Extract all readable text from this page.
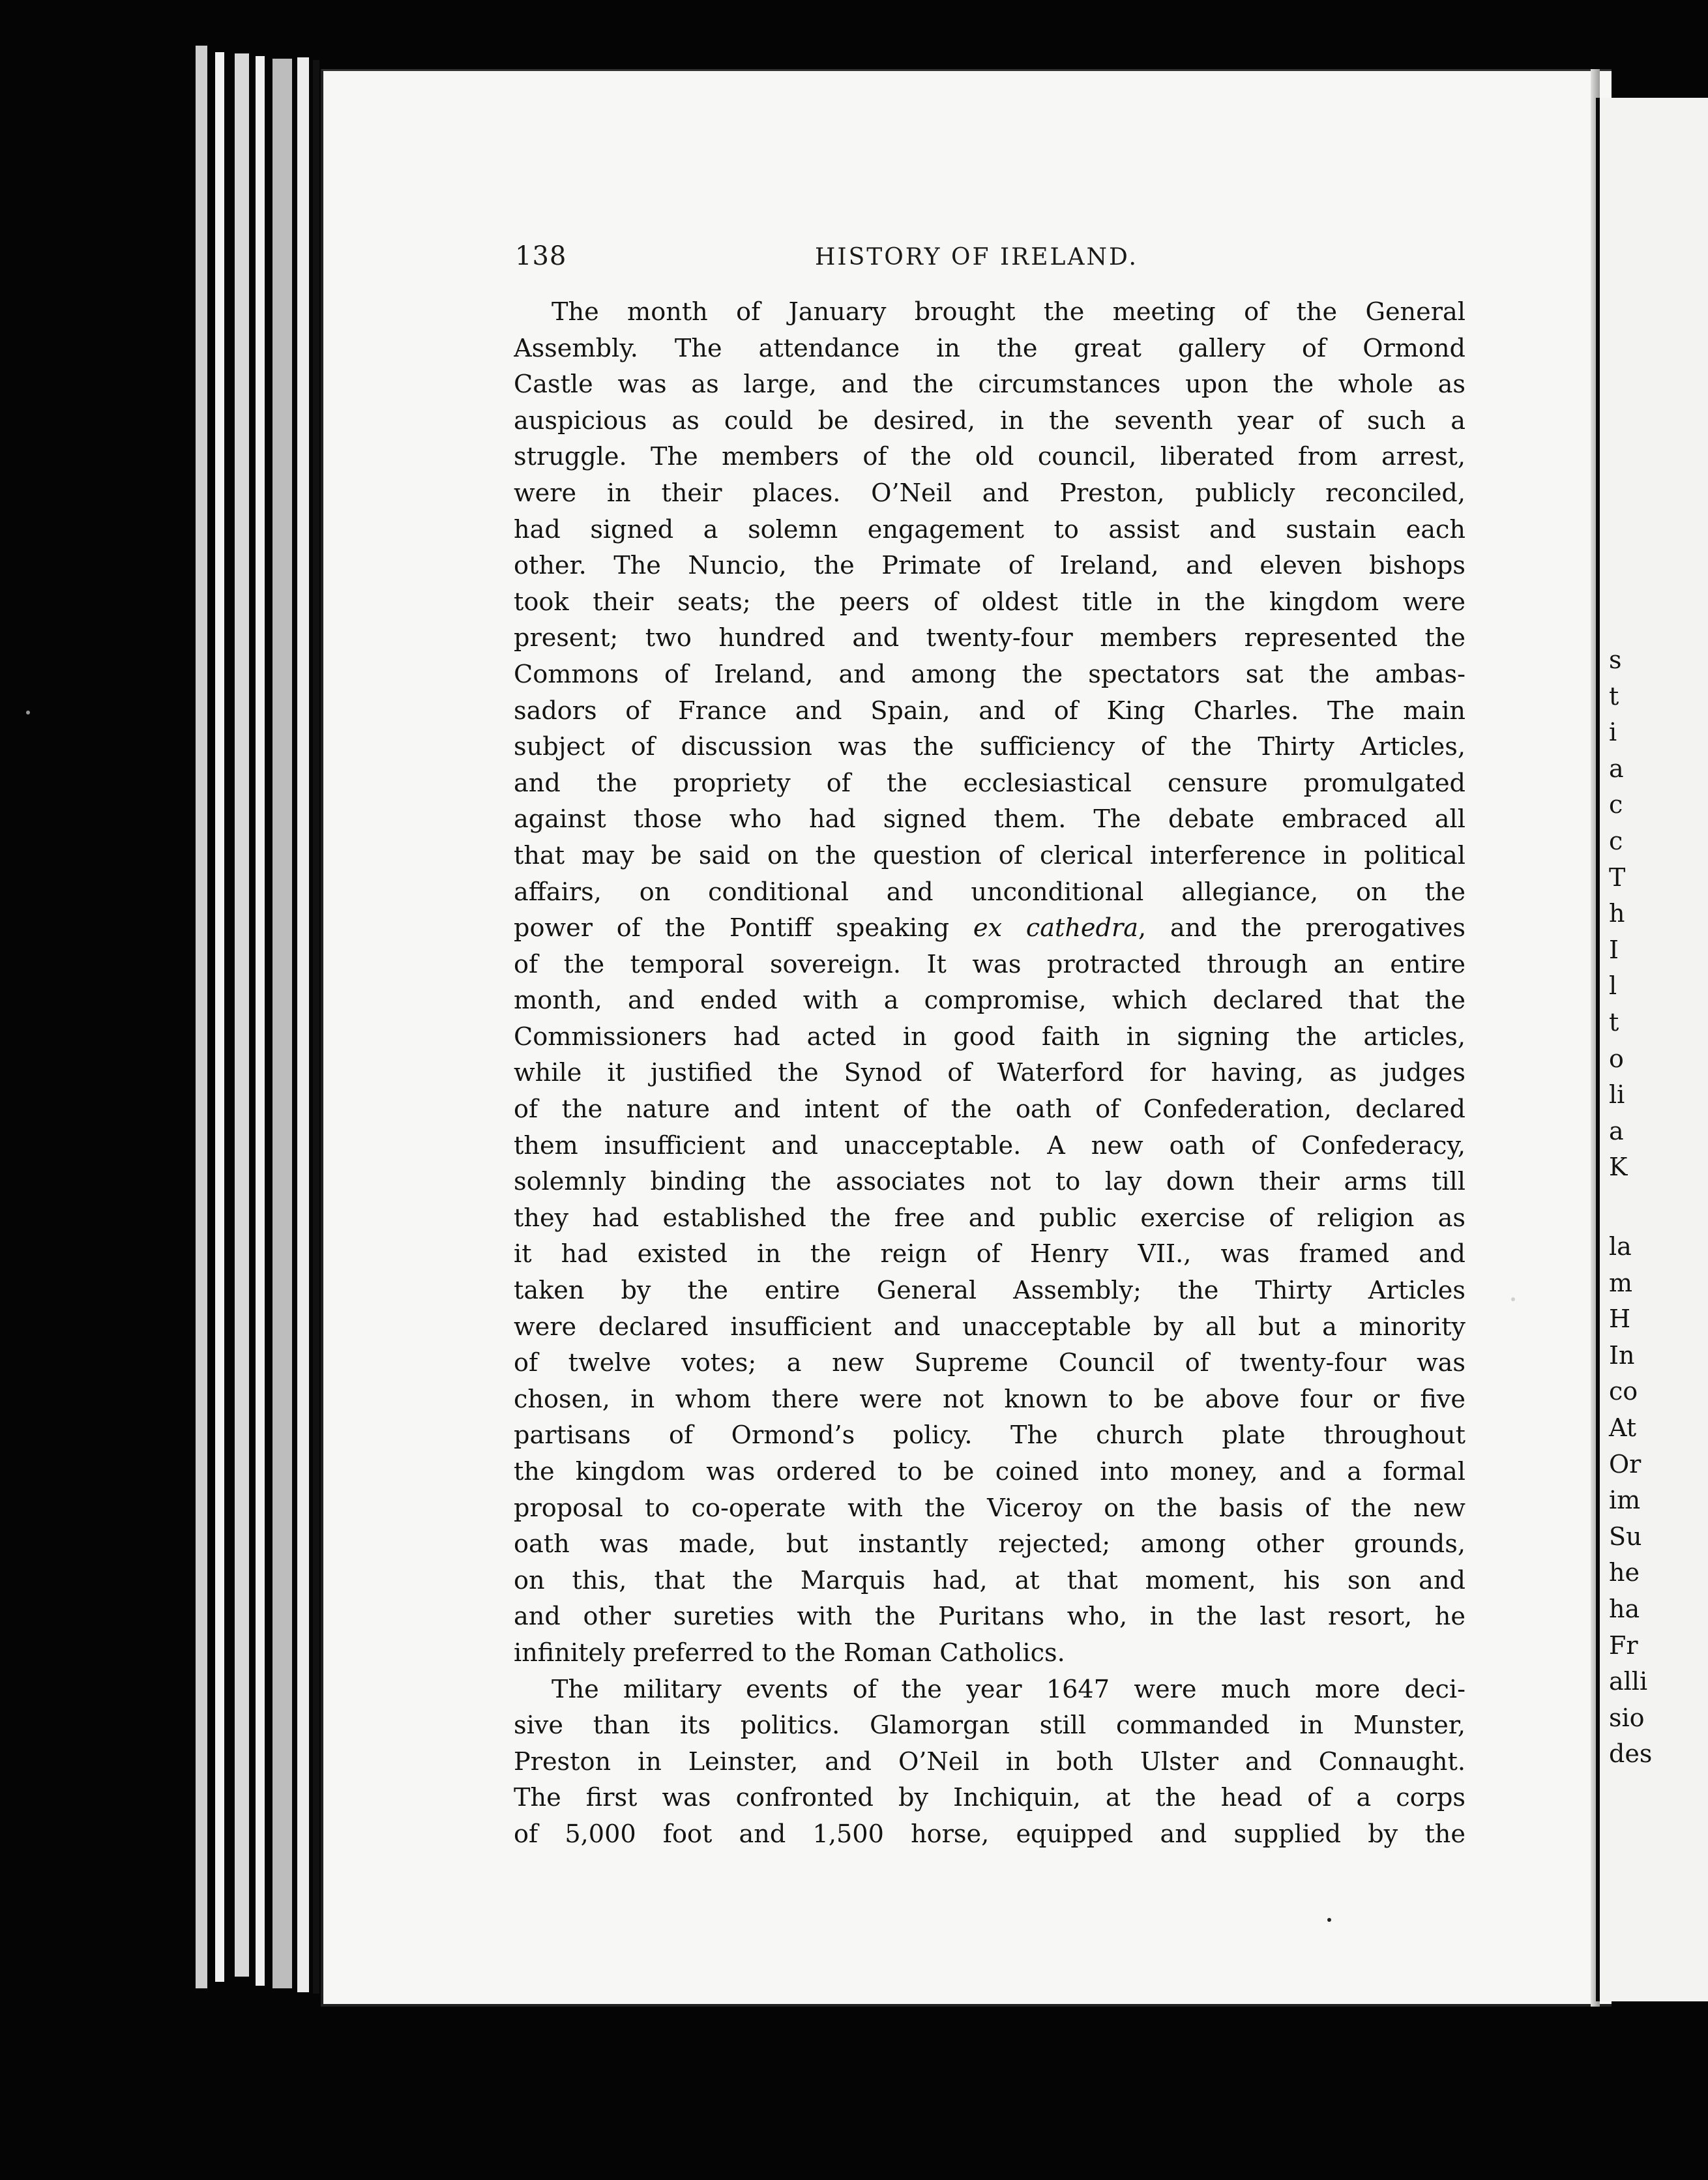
s
t
i
a
c
c
T
h
I
l
t
o
li
a
K
la
m
H
In
co
At
Or
im
Su
he
ha
Fr
alli
sio
des
138	HISTORY OF IRELAND.
The month of January brought the meeting of the General
Assembly. The attendance in the great gallery of Ormond
Castle was as large, and the circumstances upon the whole as
auspicious as could be desired, in the seventh year of such a
struggle. The members of the old council, liberated from arrest,
were in their places. O’Neil and Preston, publicly reconciled,
had signed a solemn engagement to assist and sustain each
other. The Nuncio, the Primate of Ireland, and eleven bishops
took their seats; the peers of oldest title in the kingdom were
present; two hundred and twenty-four members represented the
Commons of Ireland, and among the spectators sat the ambas-
sadors of France and Spain, and of King Charles. The main
subject of discussion was the sufficiency of the Thirty Articles,
and the propriety of the ecclesiastical censure promulgated
against those who had signed them. The debate embraced all
that may be said on the question of clerical interference in political
affairs, on conditional and unconditional allegiance, on the
power of the Pontiff speaking ex cathedra, and the prerogatives
of the temporal sovereign. It was protracted through an entire
month, and ended with a compromise, which declared that the
Commissioners had acted in good faith in signing the articles,
while it justified the Synod of Waterford for having, as judges
of the nature and intent of the oath of Confederation, declared
them insufficient and unacceptable. A new oath of Confederacy,
solemnly binding the associates not to lay down their arms till
they had established the free and public exercise of religion as
it had existed in the reign of Henry VII., was framed and
taken by the entire General Assembly; the Thirty Articles
were declared insufficient and unacceptable by all but a minority
of twelve votes; a new Supreme Council of twenty-four was
chosen, in whom there were not known to be above four or five
partisans of Ormond’s policy. The church plate throughout
the kingdom was ordered to be coined into money, and a formal
proposal to co-operate with the Viceroy on the basis of the new
oath was made, but instantly rejected; among other grounds,
on this, that the Marquis had, at that moment, his son and
and other sureties with the Puritans who, in the last resort, he
infinitely preferred to the Roman Catholics.
The military events of the year 1647 were much more deci-
sive than its politics. Glamorgan still commanded in Munster,
Preston in Leinster, and O’Neil in both Ulster and Connaught.
The first was confronted by Inchiquin, at the head of a corps
of 5,000 foot and 1,500 horse, equipped and supplied by the
